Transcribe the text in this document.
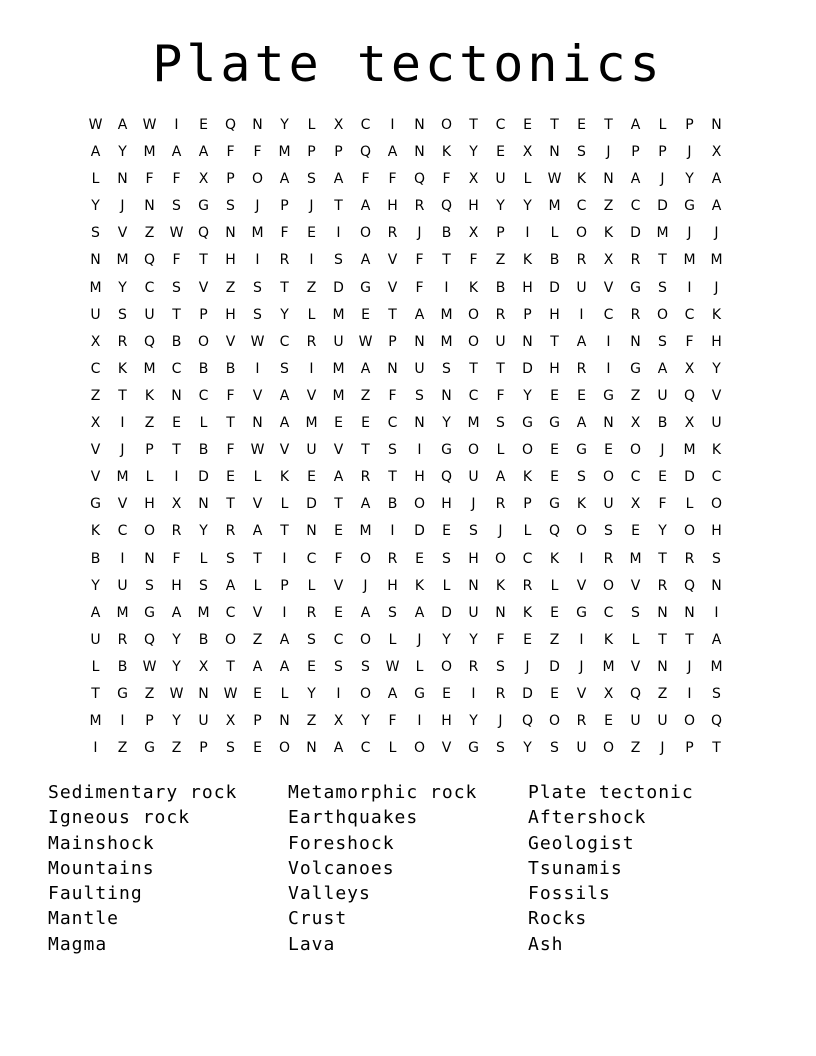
Plate tectonics
W	A	W	I	E	Q	N	Y	L	X	C	I	N	O	T	C	E	T	E	T	A	L	P	N
A	Y	M	A	A	F	F	M	P	P	Q	A	N	K	Y	E	X	N	S	J	P	P	J	X
L	N	F	F	X	P	O	A	S	A	F	F	Q	F	X	U	L	W	K	N	A	J	Y	A
Y	J	N	S	G	S	J	P	J	T	A	H	R	Q	H	Y	Y	M	C	Z	C	D	G	A
S	V	Z	W	Q	N	M	F	E	I	O	R	J	B	X	P	I	L	O	K	D	M	J	J
N	M	Q	F	T	H	I	R	I	S	A	V	F	T	F	Z	K	B	R	X	R	T	M	M
M	Y	C	S	V	Z	S	T	Z	D	G	V	F	I	K	B	H	D	U	V	G	S	I	J
U	S	U	T	P	H	S	Y	L	M	E	T	A	M	O	R	P	H	I	C	R	O	C	K
X	R	Q	B	O	V	W	C	R	U	W	P	N	M	O	U	N	T	A	I	N	S	F	H
C	K	M	C	B	B	I	S	I	M	A	N	U	S	T	T	D	H	R	I	G	A	X	Y
Z	T	K	N	C	F	V	A	V	M	Z	F	S	N	C	F	Y	E	E	G	Z	U	Q	V
X	I	Z	E	L	T	N	A	M	E	E	C	N	Y	M	S	G	G	A	N	X	B	X	U
V	J	P	T	B	F	W	V	U	V	T	S	I	G	O	L	O	E	G	E	O	J	M	K
V	M	L	I	D	E	L	K	E	A	R	T	H	Q	U	A	K	E	S	O	C	E	D	C
G	V	H	X	N	T	V	L	D	T	A	B	O	H	J	R	P	G	K	U	X	F	L	O
K	C	O	R	Y	R	A	T	N	E	M	I	D	E	S	J	L	Q	O	S	E	Y	O	H
B	I	N	F	L	S	T	I	C	F	O	R	E	S	H	O	C	K	I	R	M	T	R	S
Y	U	S	H	S	A	L	P	L	V	J	H	K	L	N	K	R	L	V	O	V	R	Q	N
A	M	G	A	M	C	V	I	R	E	A	S	A	D	U	N	K	E	G	C	S	N	N	I
U	R	Q	Y	B	O	Z	A	S	C	O	L	J	Y	Y	F	E	Z	I	K	L	T	T	A
L	B	W	Y	X	T	A	A	E	S	S	W	L	O	R	S	J	D	J	M	V	N	J	M
T	G	Z	W	N	W	E	L	Y	I	O	A	G	E	I	R	D	E	V	X	Q	Z	I	S
M	I	P	Y	U	X	P	N	Z	X	Y	F	I	H	Y	J	Q	O	R	E	U	U	O	Q
I	Z	G	Z	P	S	E	O	N	A	C	L	O	V	G	S	Y	S	U	O	Z	J	P	T
Sedimentary rock	Metamorphic rock	Plate tectonic
Igneous rock	Earthquakes	Aftershock
Mainshock	Foreshock	Geologist
Mountains	Volcanoes	Tsunamis
Faulting	Valleys	Fossils
Mantle	Crust	Rocks
Magma	Lava	Ash
